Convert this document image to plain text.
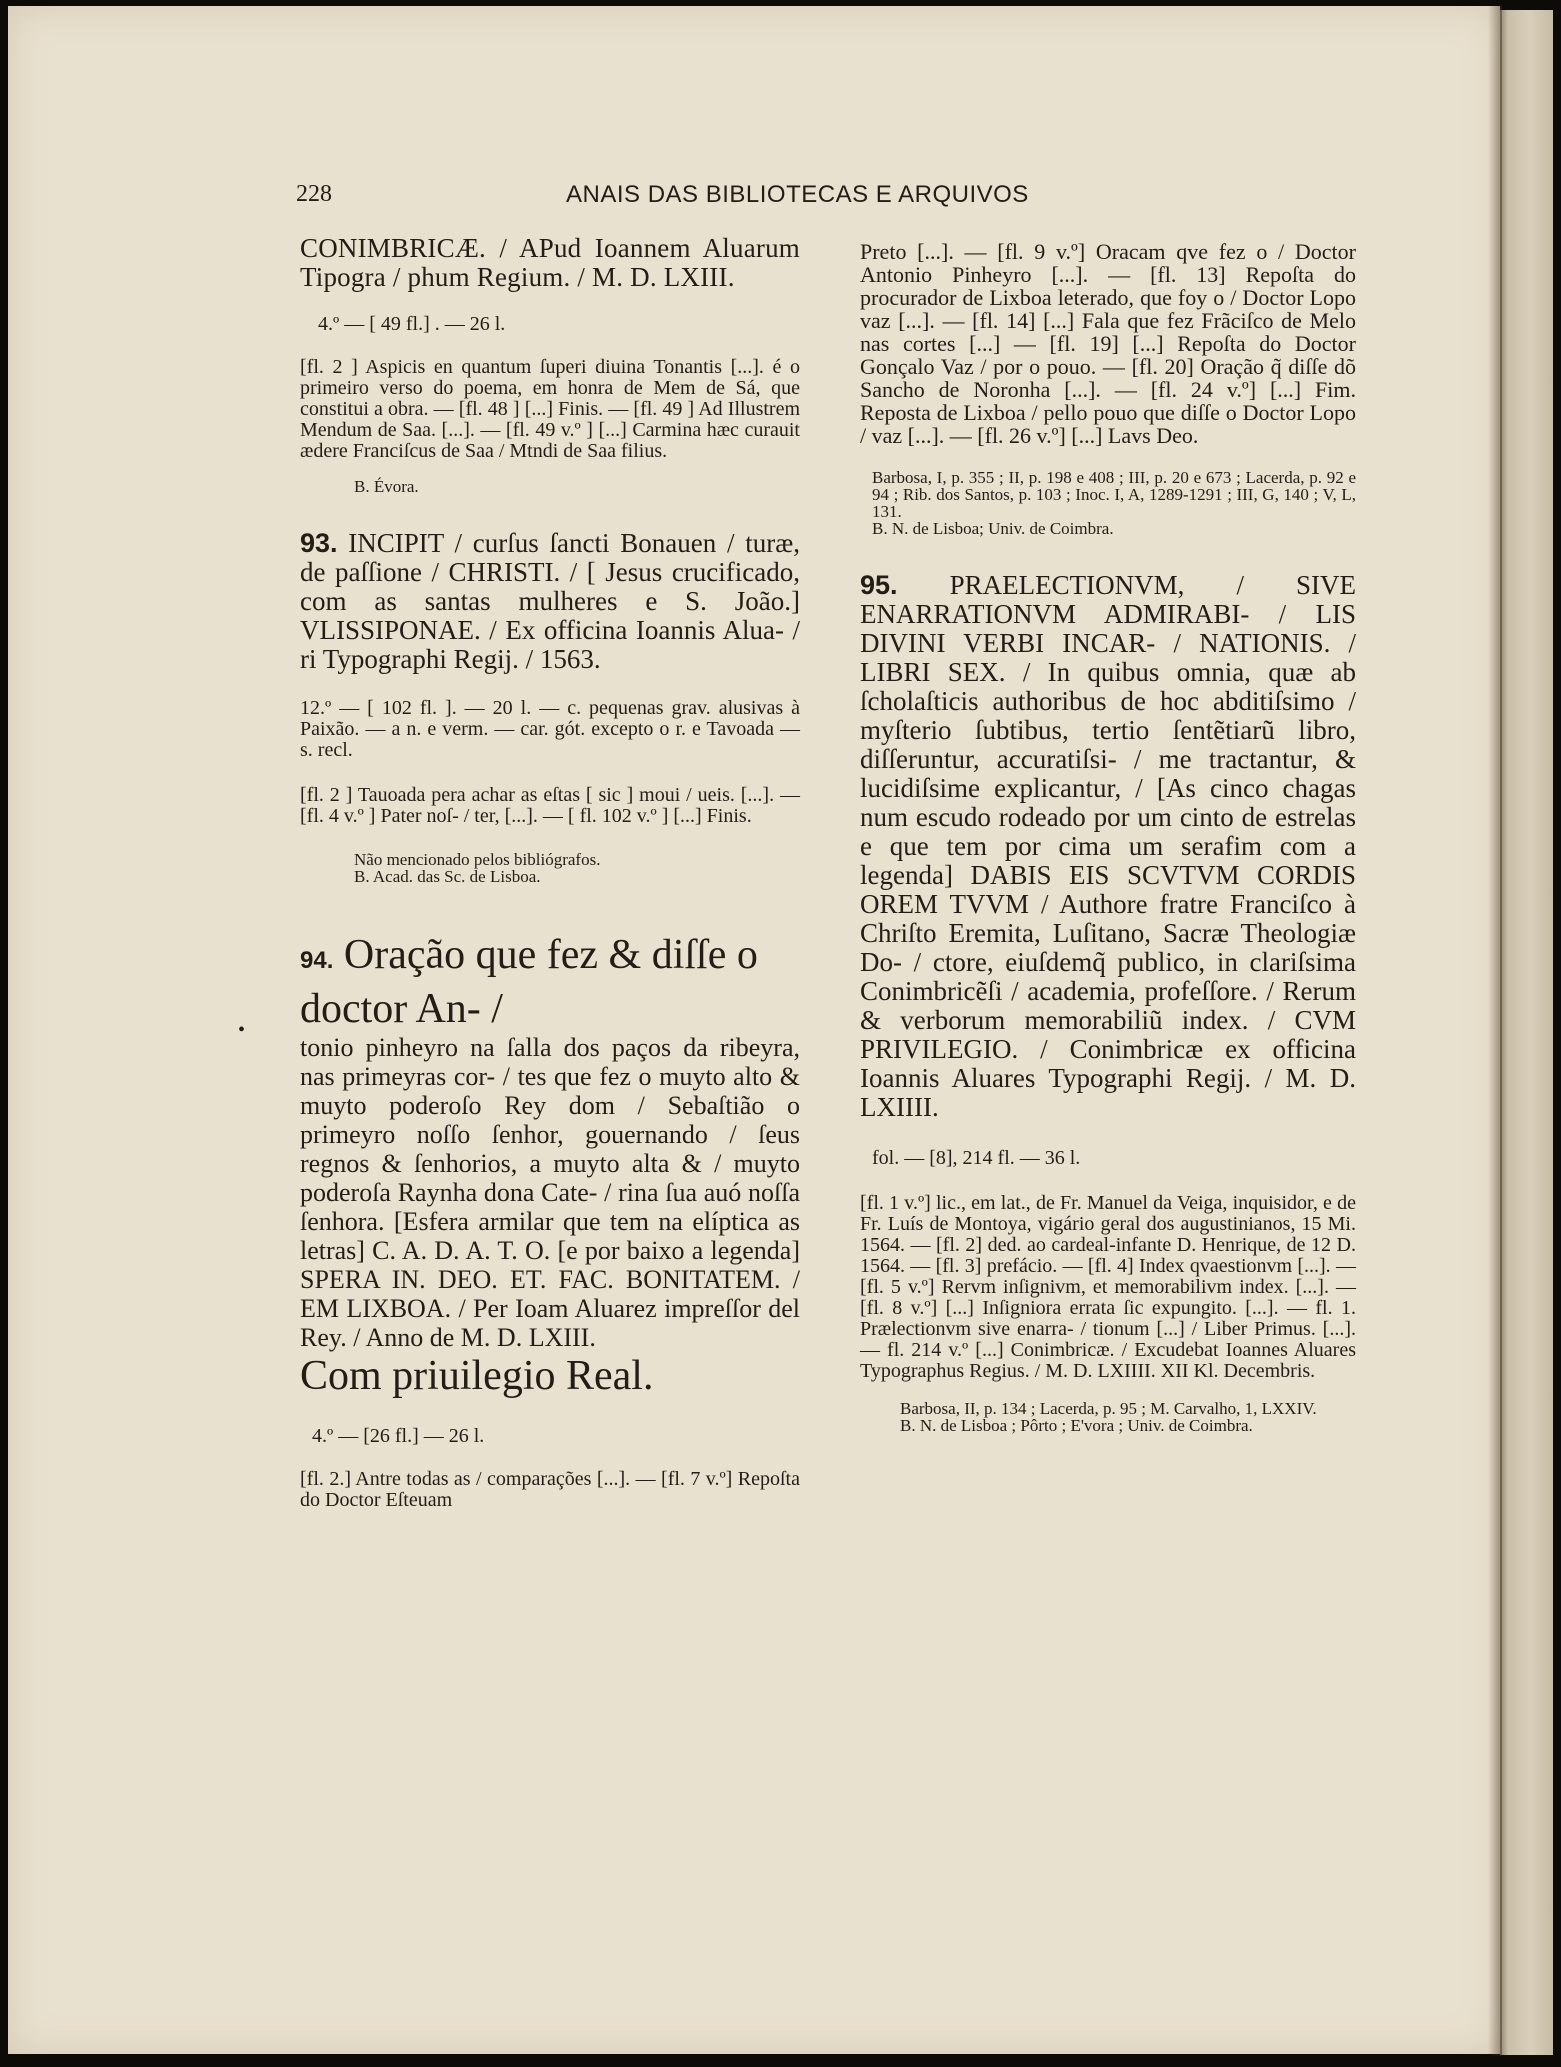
228	ANAIS DAS BIBLIOTECAS E ARQUIVOS

CONIMBRICÆ. / APud Ioannem Aluarum Tipogra / phum Regium. / M. D. LXIII.

4.º — [ 49 fl.] . — 26 l.

[fl. 2 ] Aspicis en quantum ſuperi diuina Tonantis [...]. é o primeiro verso do poema, em honra de Mem de Sá, que constitui a obra. — [fl. 48 ] [...] Finis. — [fl. 49 ] Ad Illustrem Mendum de Saa. [...]. — [fl. 49 v.º ] [...] Carmina hæc curauit ædere Franciſcus de Saa / Mtndi de Saa filius.

B. Évora.

93. INCIPIT / curſus ſancti Bonauen / turæ, de paſſione / CHRISTI. / [ Jesus crucificado, com as santas mulheres e S. João.] VLISSIPONAE. / Ex officina Ioannis Alua- / ri Typographi Regij. / 1563.

12.º — [ 102 fl. ]. — 20 l. — c. pequenas grav. alusivas à Paixão. — a n. e verm. — car. gót. excepto o r. e Tavoada — s. recl.

[fl. 2 ] Tauoada pera achar as eſtas [ sic ] moui / ueis. [...]. — [fl. 4 v.º ] Pater noſ- / ter, [...]. — [ fl. 102 v.º ] [...] Finis.

Não mencionado pelos bibliógrafos.

B. Acad. das Sc. de Lisboa.

94. Oração que fez & diſſe o doctor An- /

tonio pinheyro na ſalla dos paços da ribeyra, nas primeyras cor- / tes que fez o muyto alto & muyto poderoſo Rey dom / Sebaſtião o primeyro noſſo ſenhor, gouernando / ſeus regnos & ſenhorios, a muyto alta & / muyto poderoſa Raynha dona Cate- / rina ſua auó noſſa ſenhora. [Esfera armilar que tem na elíptica as letras] C. A. D. A. T. O. [e por baixo a legenda] SPERA IN. DEO. ET. FAC. BONITATEM. / EM LIXBOA. / Per Ioam Aluarez impreſſor del Rey. / Anno de M. D. LXIII.

Com priuilegio Real.

4.º — [26 fl.] — 26 l.

[fl. 2.] Antre todas as / comparações [...]. — [fl. 7 v.º] Repoſta do Doctor Eſteuam

Preto [...]. — [fl. 9 v.º] Oracam qve fez o / Doctor Antonio Pinheyro [...]. — [fl. 13] Repoſta do procurador de Lixboa leterado, que foy o / Doctor Lopo vaz [...]. — [fl. 14] [...] Fala que fez Frãciſco de Melo nas cortes [...] — [fl. 19] [...] Repoſta do Doctor Gonçalo Vaz / por o pouo. — [fl. 20] Oração q̃ diſſe dõ Sancho de Noronha [...]. — [fl. 24 v.º] [...] Fim. Reposta de Lixboa / pello pouo que diſſe o Doctor Lopo / vaz [...]. — [fl. 26 v.º] [...] Lavs Deo.

Barbosa, I, p. 355 ; II, p. 198 e 408 ; III, p. 20 e 673 ; Lacerda, p. 92 e 94 ; Rib. dos Santos, p. 103 ; Inoc. I, A, 1289-1291 ; III, G, 140 ; V, L, 131.

B. N. de Lisboa; Univ. de Coimbra.

95. PRAELECTIONVM, / SIVE ENARRATIONVM ADMIRABI- / LIS DIVINI VERBI INCAR- / NATIONIS. / LIBRI SEX. / In quibus omnia, quæ ab ſcholaſticis authoribus de hoc abditiſsimo / myſterio ſubtibus, tertio ſentẽtiarũ libro, diſſeruntur, accuratiſsi- / me tractantur, & lucidiſsime explicantur, / [As cinco chagas num escudo rodeado por um cinto de estrelas e que tem por cima um serafim com a legenda] DABIS EIS SCVTVM CORDIS OREM TVVM / Authore fratre Franciſco à Chriſto Eremita, Luſitano, Sacræ Theologiæ Do- / ctore, eiuſdemq̃ publico, in clariſsima Conimbricẽſi / academia, profeſſore. / Rerum & verborum memorabiliũ index. / CVM PRIVILEGIO. / Conimbricæ ex officina Ioannis Aluares Typographi Regij. / M. D. LXIIII.

fol. — [8], 214 fl. — 36 l.

[fl. 1 v.º] lic., em lat., de Fr. Manuel da Veiga, inquisidor, e de Fr. Luís de Montoya, vigário geral dos augustinianos, 15 Mi. 1564. — [fl. 2] ded. ao cardeal-infante D. Henrique, de 12 D. 1564. — [fl. 3] prefácio. — [fl. 4] Index qvaestionvm [...]. — [fl. 5 v.º] Rervm inſignivm, et memorabilivm index. [...]. — [fl. 8 v.º] [...] Inſigniora errata ſic expungito. [...]. — fl. 1. Prælectionvm sive enarra- / tionum [...] / Liber Primus. [...]. — fl. 214 v.º [...] Conimbricæ. / Excudebat Ioannes Aluares Typographus Regius. / M. D. LXIIII. XII Kl. Decembris.

Barbosa, II, p. 134 ; Lacerda, p. 95 ; M. Carvalho, 1, LXXIV.

B. N. de Lisboa ; Pôrto ; E'vora ; Univ. de Coimbra.

•
